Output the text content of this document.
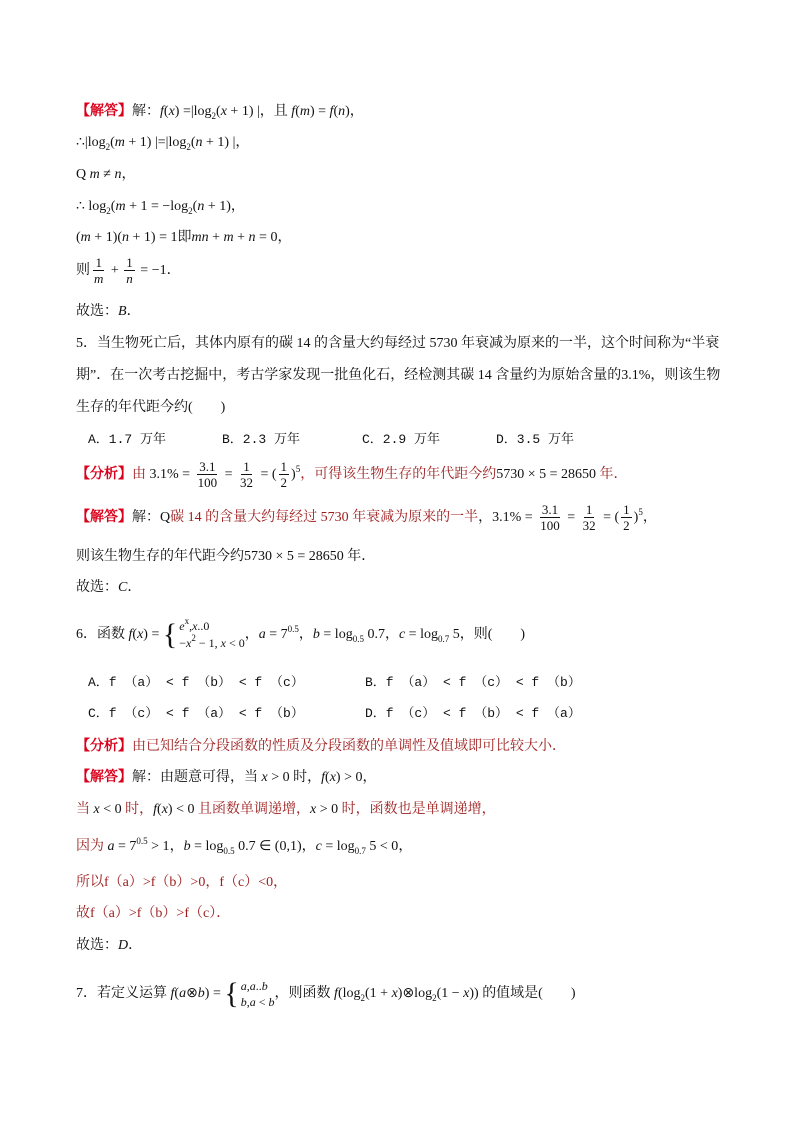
【解答】解：$f(x) =|\log_2(x + 1)$ |，且 f(m) = f(n)，
$\therefore|\log_2(m + 1) |=|\log_2(n + 1)$ |，
Q m ≠ n，
∴ $\log_2(m + 1 = -\log_2(n + 1)$，
(m + 1)(n + 1) = 1即mn + m + n = 0，
则 $\frac{1}{m} + \frac{1}{n} = -1$．
故选：B．
5．当生物死亡后，其体内原有的碳 14 的含量大约每经过 5730 年衰减为原来的一半，这个时间称为“半衰
期”．在一次考古挖掘中，考古学家发现一批鱼化石，经检测其碳 14 含量约为原始含量的3.1%，则该生物
生存的年代距今约(　　)
A．1.7 万年	B．2.3 万年	C．2.9 万年	D．3.5 万年
【分析】由 $3.1\% = \frac{3.1}{100} = \frac{1}{32}$ = ( $\frac{1}{2} )^5$，可得该生物生存的年代距今约5730 × 5 = 28650 年．
【解答】解：Q碳 14 的含量大约每经过 5730 年衰减为原来的一半，$3.1\% = \frac{3.1}{100} = \frac{1}{32}$ = ( $\frac{1}{2} )^5$，
则该生物生存的年代距今约5730 × 5 = 28650 年．
故选：C．
6．函数 f(x) =
{ $e^x,x..0$
$-x^2 - 1$, x < 0
，$a = 7^{0.5}$，$b = \log_{0.5} 0.7$，$c = \log_{0.7} 5$，则(　　)
A．f （a） < f （b） < f （c）	B．f （a） < f （c） < f （b）
C．f （c） < f （a） < f （b）	D．f （c） < f （b） < f （a）
【分析】由已知结合分段函数的性质及分段函数的单调性及值域即可比较大小．
【解答】解：由题意可得，当 x > 0 时，f(x) > 0，
当 x < 0 时，f(x) < 0 且函数单调递增，x > 0 时，函数也是单调递增，
因为 $a = 7^{0.5} > 1$，$b = \log_{0.5} 0.7$ ∈ (0,1)，$c = \log_{0.7} 5 < 0$，
所以f（a）>f（b）>0，f（c）<0，
故f（a）>f（b）>f（c）．
故选：D．
7．若定义运算 f(a⊗b) =
{ a,a..b
b,a < b
，则函数 $f(\log_2(1$ + $x)\otimes\log_2(1 - x)$) 的值域是(　　)
